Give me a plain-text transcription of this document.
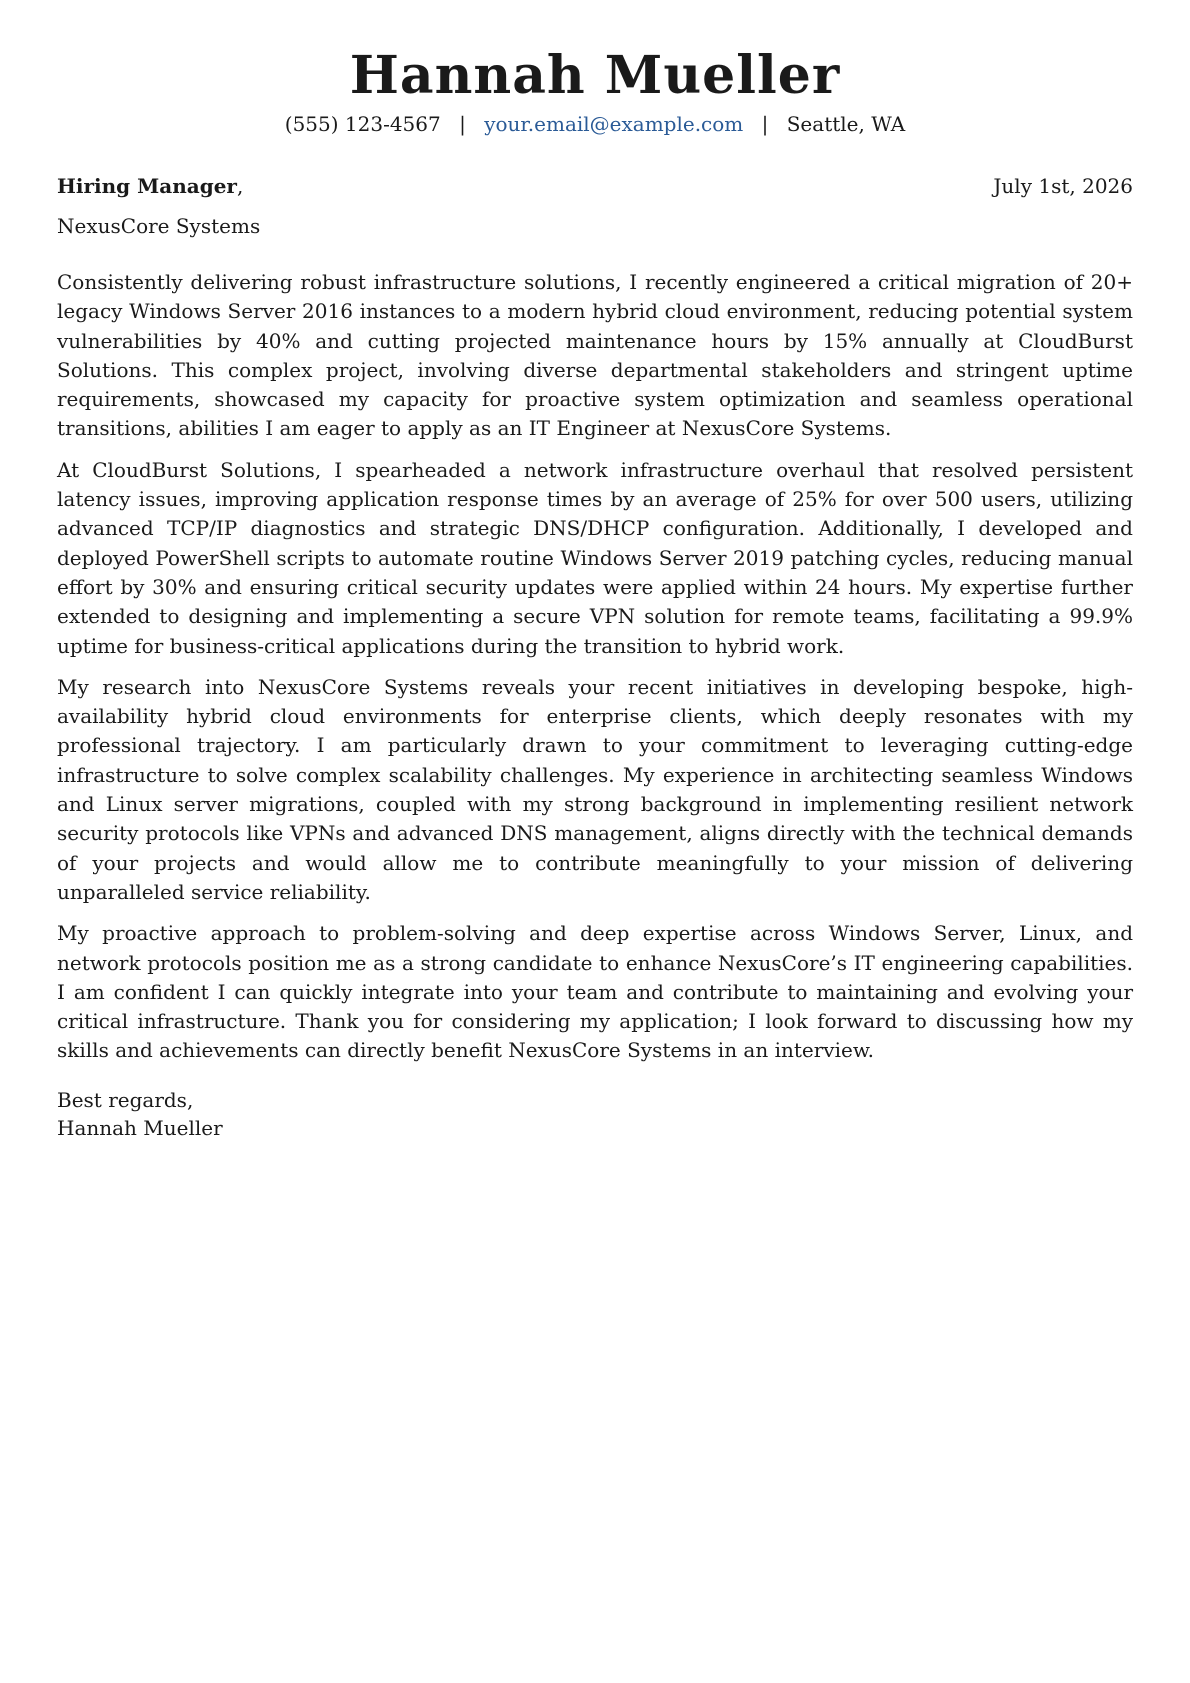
Hannah Mueller
(555) 123-4567 | your.email@example.com | Seattle, WA
Hiring Manager,	July 1st, 2026
NexusCore Systems

Consistently delivering robust infrastructure solutions, I recently engineered a critical migration of 20+ legacy Windows Server 2016 instances to a modern hybrid cloud environment, reducing potential system vulnerabilities by 40% and cutting projected maintenance hours by 15% annually at CloudBurst Solutions. This complex project, involving diverse departmental stakeholders and stringent uptime requirements, showcased my capacity for proactive system optimization and seamless operational transitions, abilities I am eager to apply as an IT Engineer at NexusCore Systems.

At CloudBurst Solutions, I spearheaded a network infrastructure overhaul that resolved persistent latency issues, improving application response times by an average of 25% for over 500 users, utilizing advanced TCP/IP diagnostics and strategic DNS/DHCP configuration. Additionally, I developed and deployed PowerShell scripts to automate routine Windows Server 2019 patching cycles, reducing manual effort by 30% and ensuring critical security updates were applied within 24 hours. My expertise further extended to designing and implementing a secure VPN solution for remote teams, facilitating a 99.9% uptime for business-critical applications during the transition to hybrid work.

My research into NexusCore Systems reveals your recent initiatives in developing bespoke, high-availability hybrid cloud environments for enterprise clients, which deeply resonates with my professional trajectory. I am particularly drawn to your commitment to leveraging cutting-edge infrastructure to solve complex scalability challenges. My experience in architecting seamless Windows and Linux server migrations, coupled with my strong background in implementing resilient network security protocols like VPNs and advanced DNS management, aligns directly with the technical demands of your projects and would allow me to contribute meaningfully to your mission of delivering unparalleled service reliability.

My proactive approach to problem-solving and deep expertise across Windows Server, Linux, and network protocols position me as a strong candidate to enhance NexusCore’s IT engineering capabilities. I am confident I can quickly integrate into your team and contribute to maintaining and evolving your critical infrastructure. Thank you for considering my application; I look forward to discussing how my skills and achievements can directly benefit NexusCore Systems in an interview.

Best regards,
Hannah Mueller
